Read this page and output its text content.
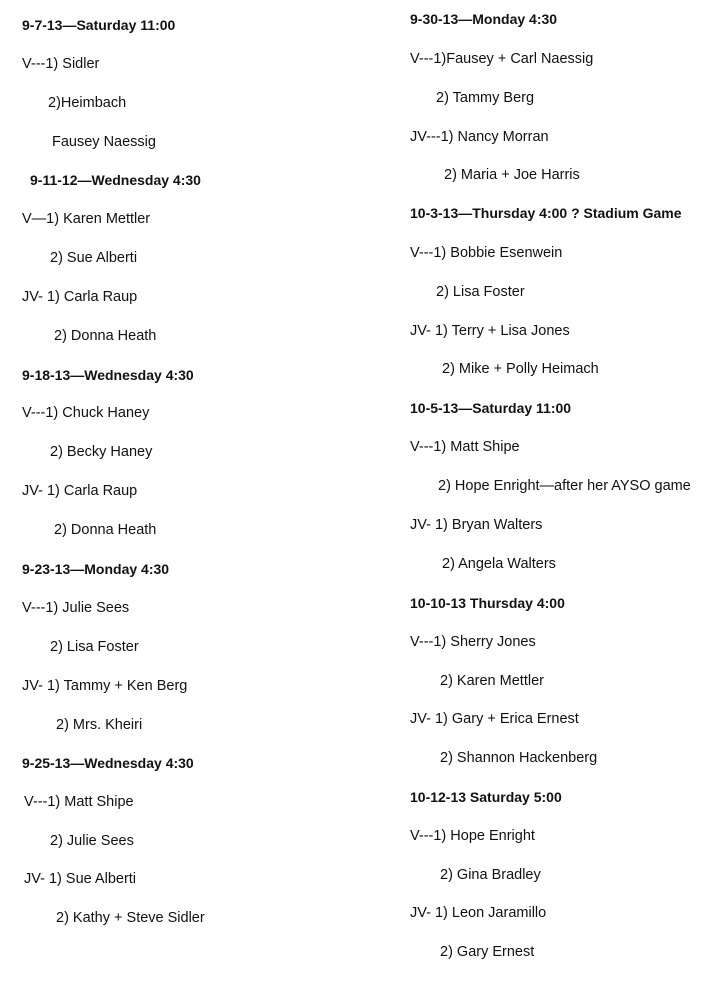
9-7-13—Saturday 11:00
V---1) Sidler
2)Heimbach
Fausey Naessig
9-11-12—Wednesday 4:30
V—1) Karen Mettler
2) Sue Alberti
JV- 1) Carla Raup
2) Donna Heath
9-18-13—Wednesday 4:30
V---1) Chuck Haney
2) Becky Haney
JV- 1) Carla Raup
2) Donna Heath
9-23-13—Monday 4:30
V---1) Julie Sees
2) Lisa Foster
JV- 1) Tammy + Ken Berg
2) Mrs. Kheiri
9-25-13—Wednesday 4:30
V---1) Matt Shipe
2) Julie Sees
JV- 1) Sue Alberti
2) Kathy + Steve Sidler
9-30-13—Monday 4:30
V---1)Fausey + Carl Naessig
2) Tammy Berg
JV---1) Nancy Morran
2) Maria + Joe Harris
10-3-13—Thursday 4:00 ? Stadium Game
V---1) Bobbie Esenwein
2) Lisa Foster
JV- 1) Terry + Lisa Jones
2) Mike + Polly Heimach
10-5-13—Saturday 11:00
V---1) Matt Shipe
2) Hope Enright—after her AYSO game
JV- 1) Bryan Walters
2) Angela Walters
10-10-13 Thursday 4:00
V---1) Sherry Jones
2) Karen Mettler
JV- 1) Gary + Erica Ernest
2) Shannon Hackenberg
10-12-13 Saturday 5:00
V---1) Hope Enright
2) Gina Bradley
JV- 1) Leon Jaramillo
2) Gary Ernest
